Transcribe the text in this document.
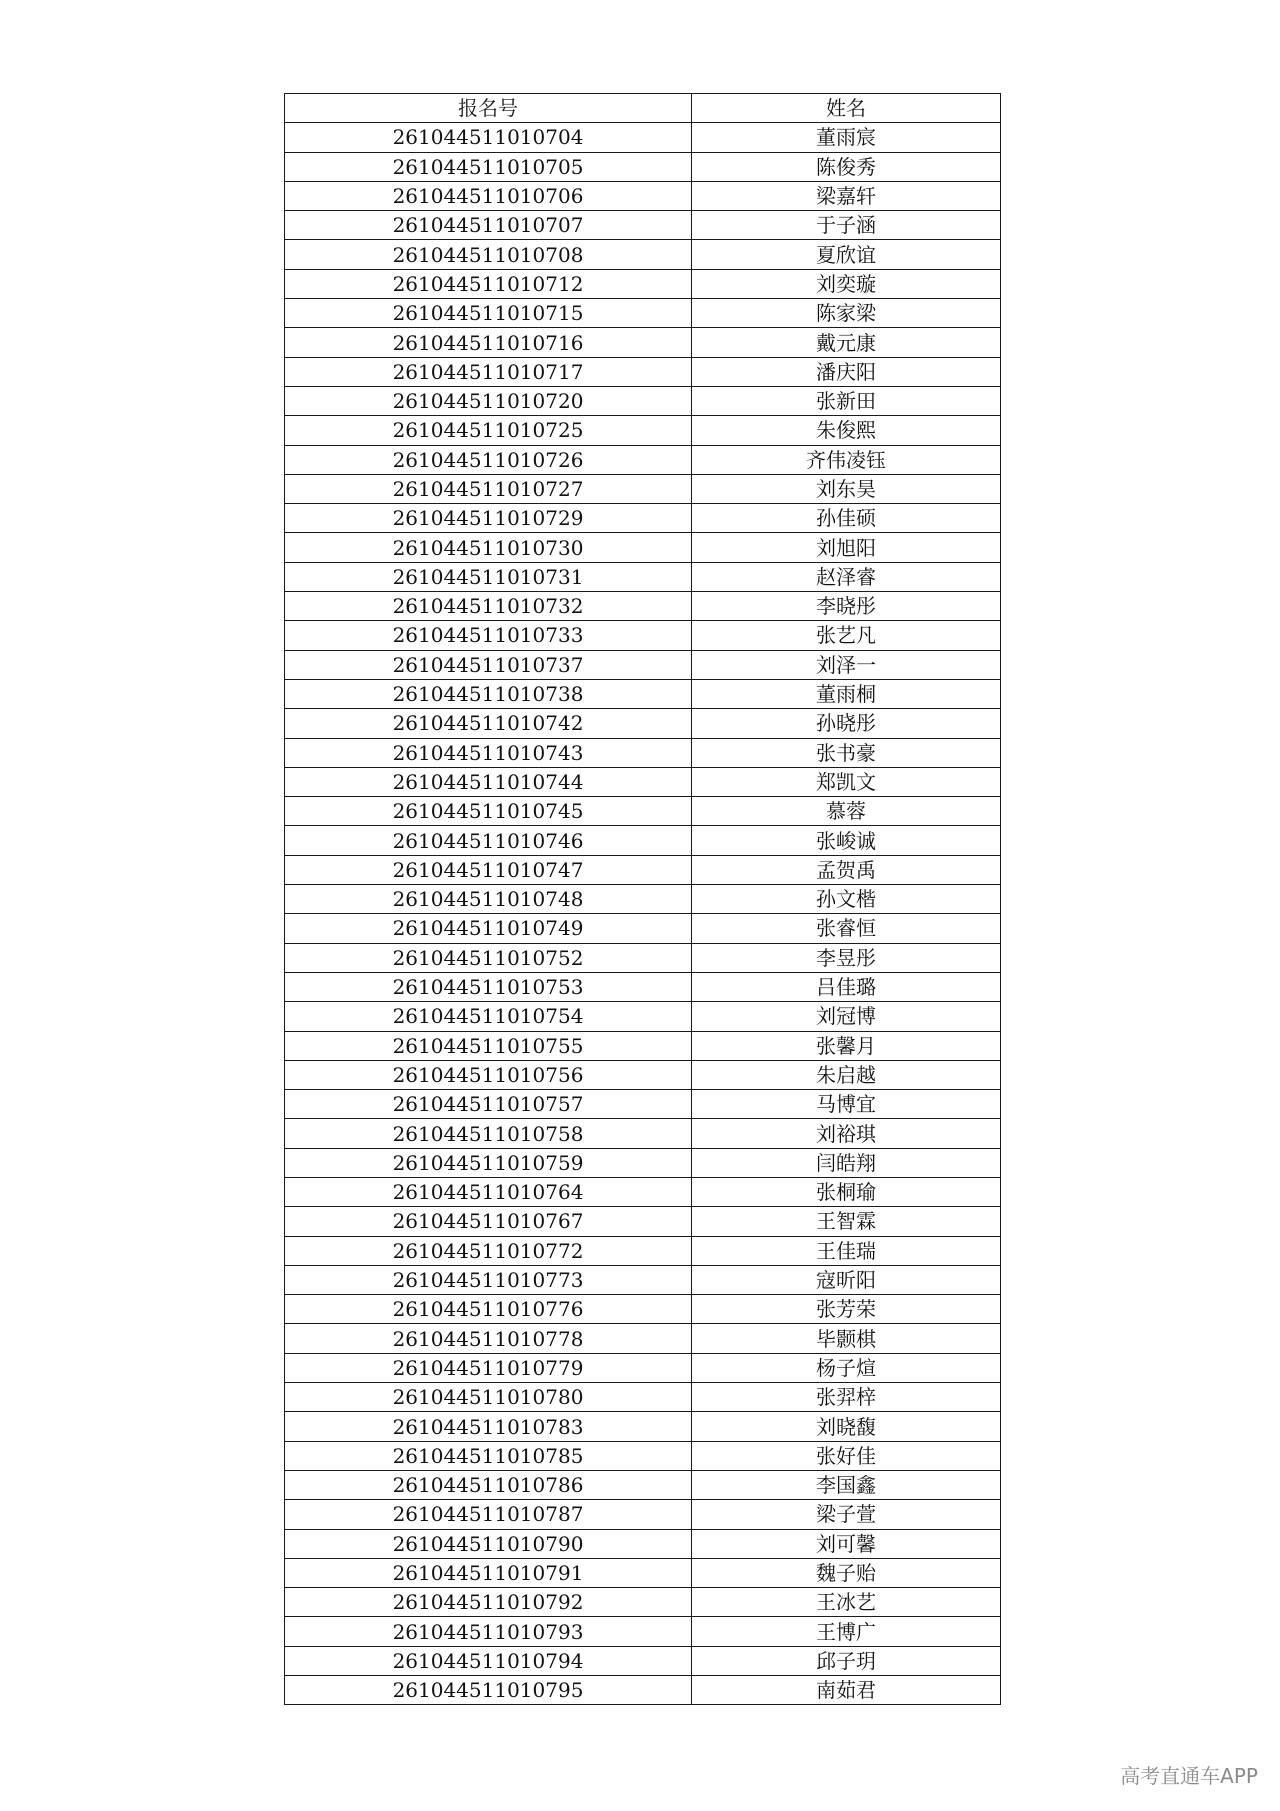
报名号	姓名
261044511010704	董雨宸
261044511010705	陈俊秀
261044511010706	梁嘉轩
261044511010707	于子涵
261044511010708	夏欣谊
261044511010712	刘奕璇
261044511010715	陈家梁
261044511010716	戴元康
261044511010717	潘庆阳
261044511010720	张新田
261044511010725	朱俊熙
261044511010726	齐伟凌钰
261044511010727	刘东昊
261044511010729	孙佳硕
261044511010730	刘旭阳
261044511010731	赵泽睿
261044511010732	李晓彤
261044511010733	张艺凡
261044511010737	刘泽一
261044511010738	董雨桐
261044511010742	孙晓彤
261044511010743	张书豪
261044511010744	郑凯文
261044511010745	慕蓉
261044511010746	张峻诚
261044511010747	孟贺禹
261044511010748	孙文楷
261044511010749	张睿恒
261044511010752	李昱彤
261044511010753	吕佳璐
261044511010754	刘冠博
261044511010755	张馨月
261044511010756	朱启越
261044511010757	马博宜
261044511010758	刘裕琪
261044511010759	闫皓翔
261044511010764	张桐瑜
261044511010767	王智霖
261044511010772	王佳瑞
261044511010773	寇昕阳
261044511010776	张芳荣
261044511010778	毕颢棋
261044511010779	杨子煊
261044511010780	张羿梓
261044511010783	刘晓馥
261044511010785	张好佳
261044511010786	李国鑫
261044511010787	梁子萱
261044511010790	刘可馨
261044511010791	魏子贻
261044511010792	王冰艺
261044511010793	王博广
261044511010794	邱子玥
261044511010795	南茹君
高考直通车APP
